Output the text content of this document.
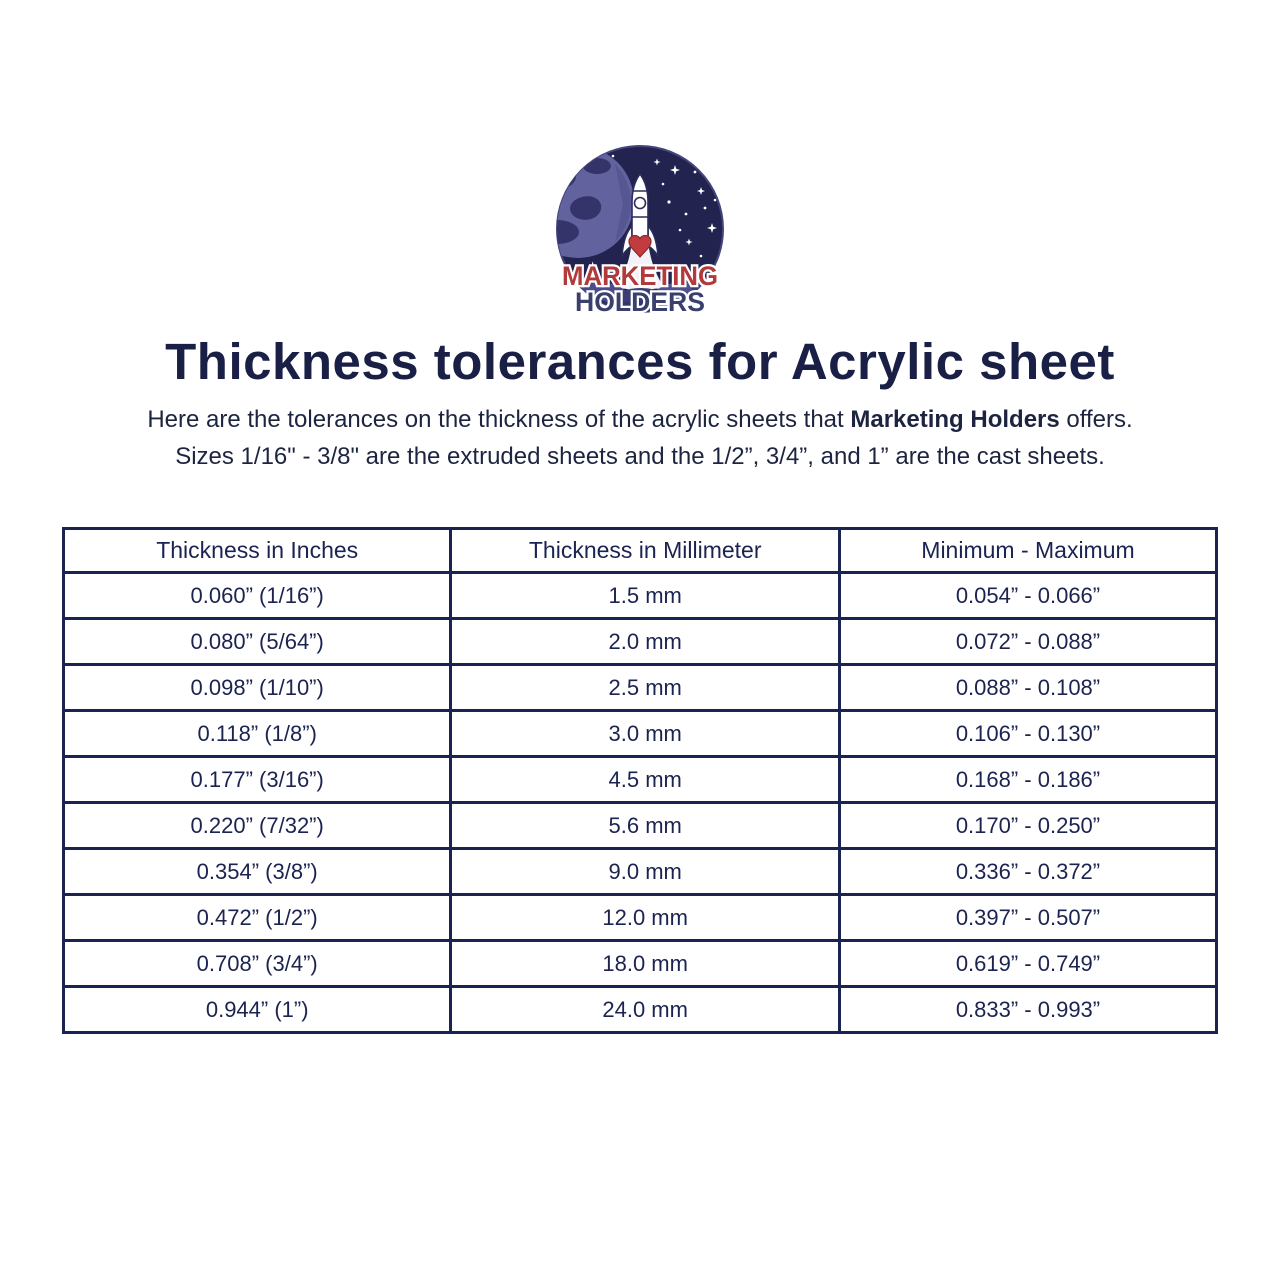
MARKETING
HOLDERS
Thickness tolerances for Acrylic sheet

Here are the tolerances on the thickness of the acrylic sheets that Marketing Holders offers.

Sizes 1/16" - 3/8" are the extruded sheets and the 1/2”, 3/4”, and 1” are the cast sheets.

Thickness in Inches	Thickness in Millimeter	Minimum - Maximum
0.060” (1/16”)	1.5 mm	0.054” - 0.066”
0.080” (5/64”)	2.0 mm	0.072” - 0.088”
0.098” (1/10”)	2.5 mm	0.088” - 0.108”
0.118” (1/8”)	3.0 mm	0.106” - 0.130”
0.177” (3/16”)	4.5 mm	0.168” - 0.186”
0.220” (7/32”)	5.6 mm	0.170” - 0.250”
0.354” (3/8”)	9.0 mm	0.336” - 0.372”
0.472” (1/2”)	12.0 mm	0.397” - 0.507”
0.708” (3/4”)	18.0 mm	0.619” - 0.749”
0.944” (1”)	24.0 mm	0.833” - 0.993”
